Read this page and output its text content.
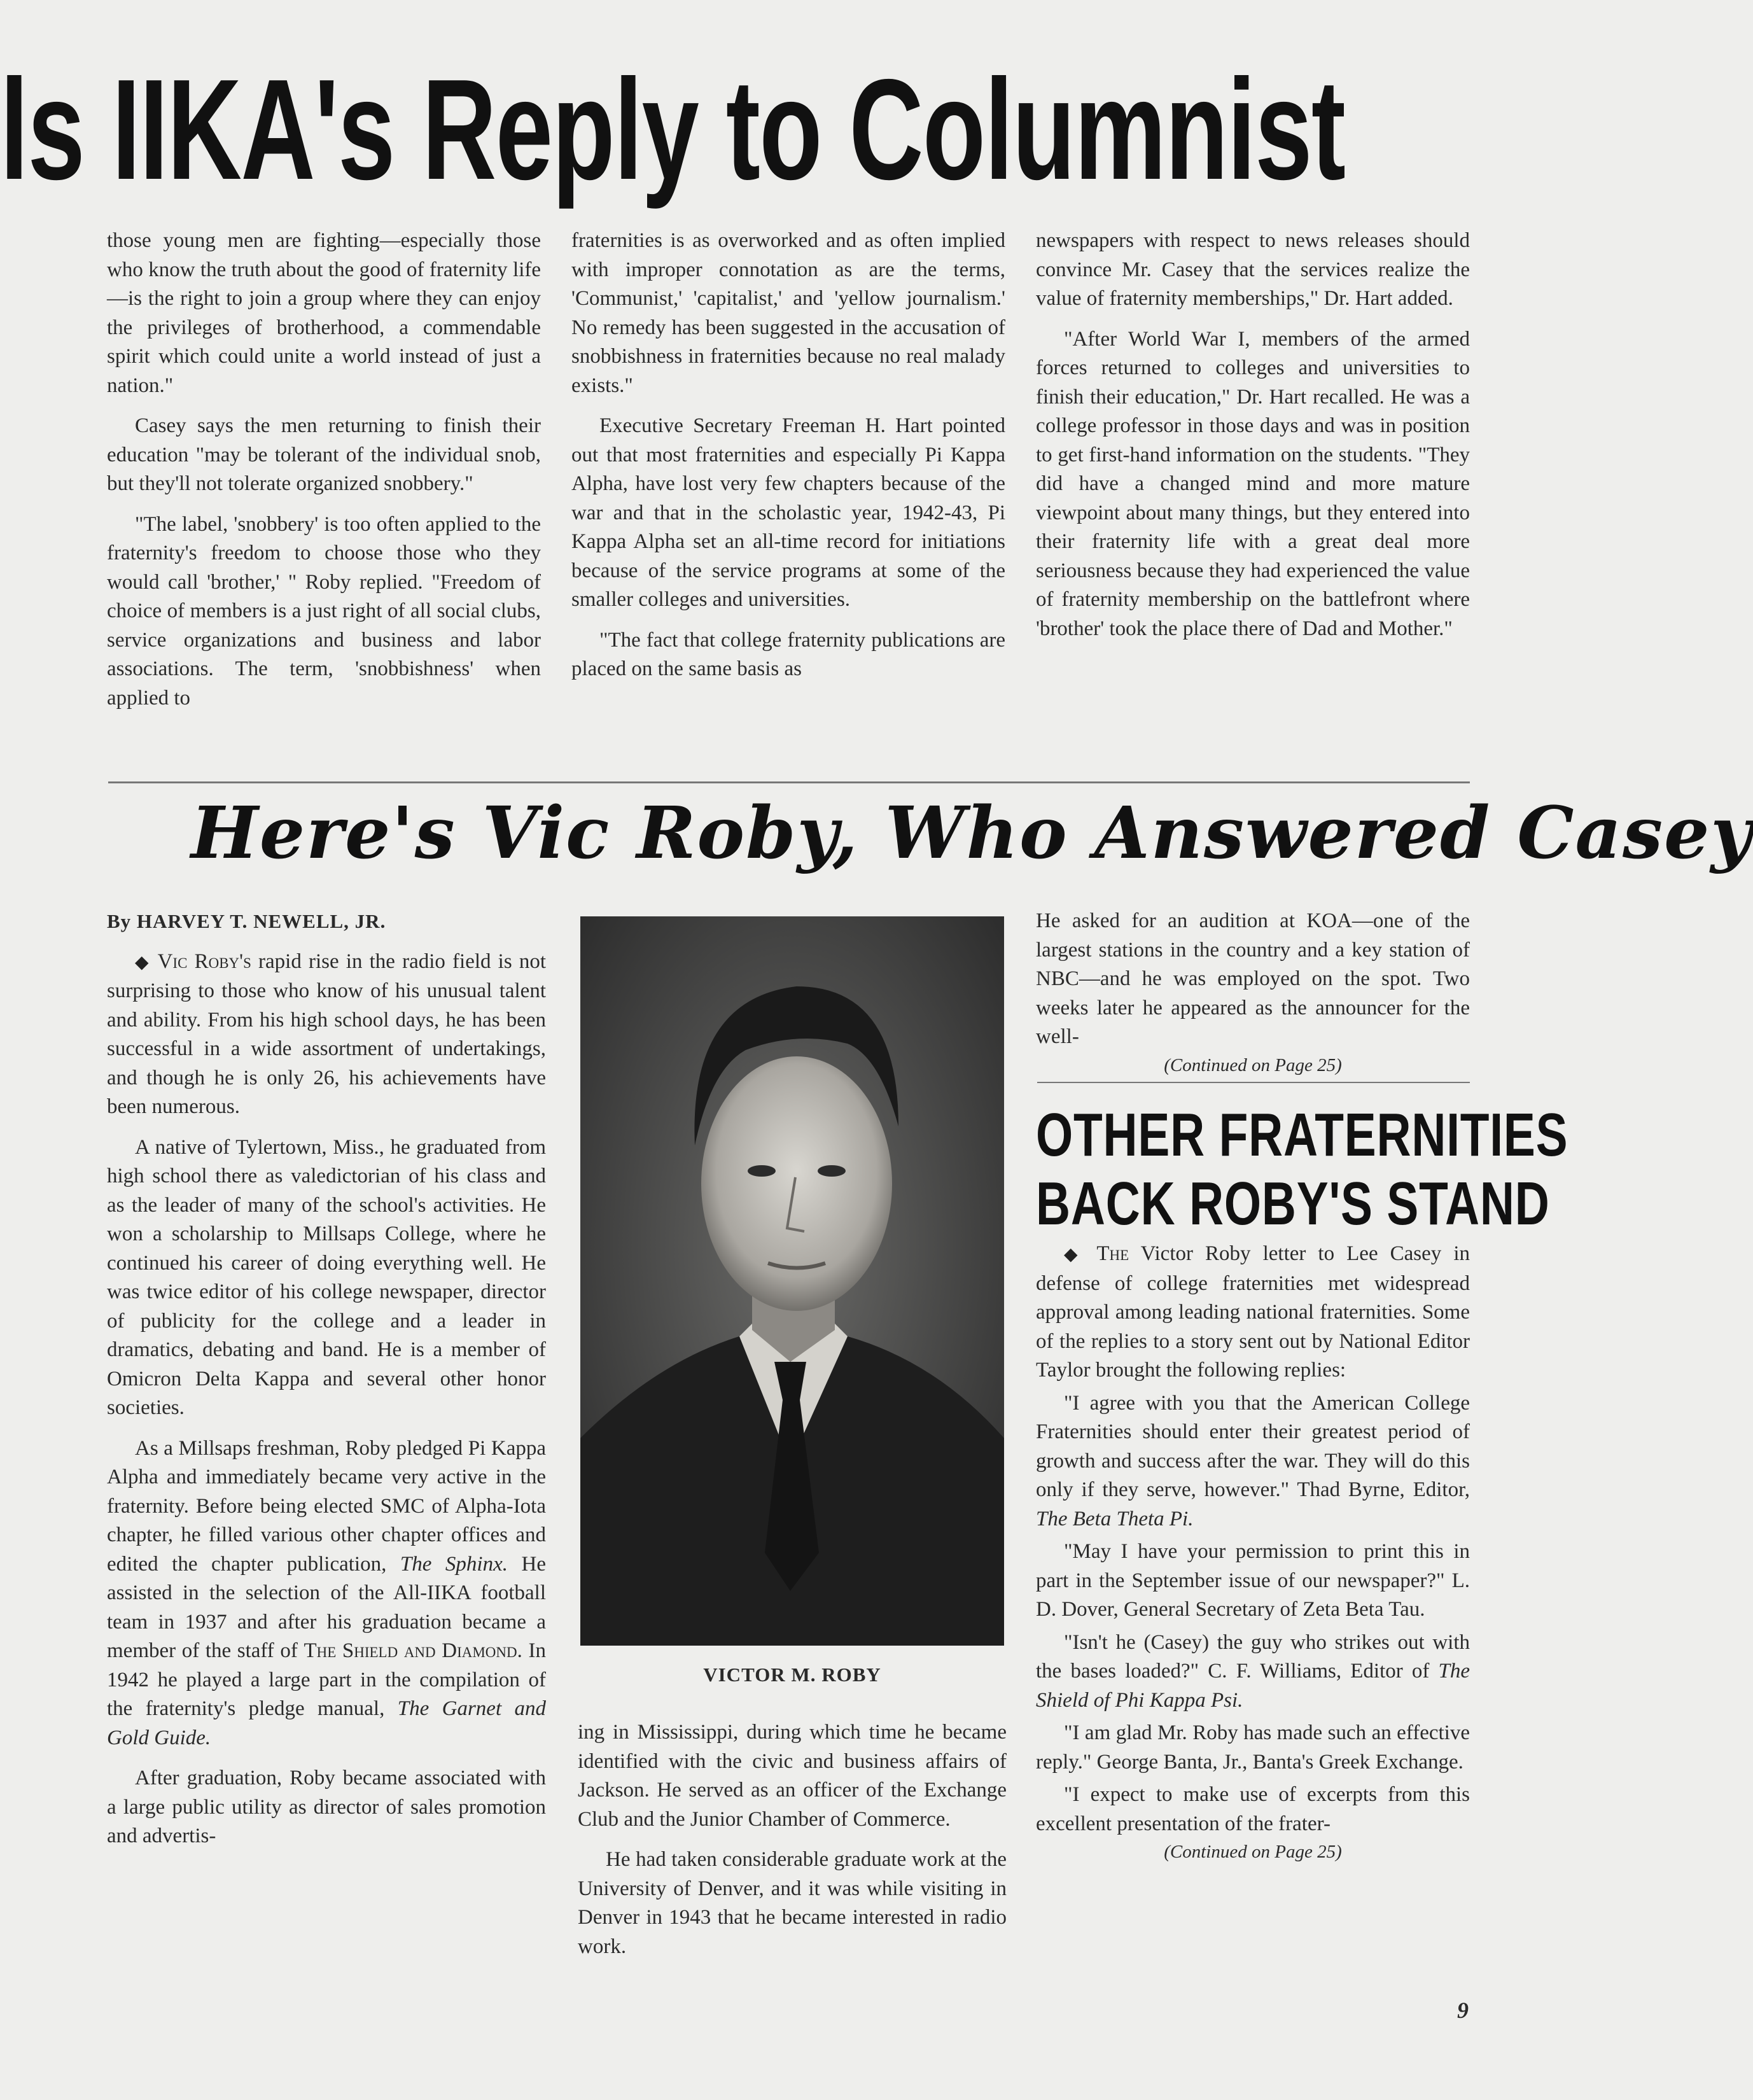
ls IIKA's Reply to Columnist

those young men are fighting—especially those who know the truth about the good of fraternity life—is the right to join a group where they can enjoy the privileges of brotherhood, a commendable spirit which could unite a world instead of just a nation."

Casey says the men returning to finish their education "may be tolerant of the individual snob, but they'll not tolerate organized snobbery."

"The label, 'snobbery' is too often applied to the fraternity's freedom to choose those who they would call 'brother,' " Roby replied. "Freedom of choice of members is a just right of all social clubs, service organizations and business and labor associations. The term, 'snobbishness' when applied to

fraternities is as overworked and as often implied with improper connotation as are the terms, 'Communist,' 'capitalist,' and 'yellow journalism.' No remedy has been suggested in the accusation of snobbishness in fraternities because no real malady exists."

Executive Secretary Freeman H. Hart pointed out that most fraternities and especially Pi Kappa Alpha, have lost very few chapters because of the war and that in the scholastic year, 1942-43, Pi Kappa Alpha set an all-time record for initiations because of the service programs at some of the smaller colleges and universities.

"The fact that college fraternity publications are placed on the same basis as

newspapers with respect to news releases should convince Mr. Casey that the services realize the value of fraternity memberships," Dr. Hart added.

"After World War I, members of the armed forces returned to colleges and universities to finish their education," Dr. Hart recalled. He was a college professor in those days and was in position to get first-hand information on the students. "They did have a changed mind and more mature viewpoint about many things, but they entered into their fraternity life with a great deal more seriousness because they had experienced the value of fraternity membership on the battlefront where 'brother' took the place there of Dad and Mother."

Here's Vic Roby, Who Answered Casey

By HARVEY T. NEWELL, JR.

◆ Vic Roby's rapid rise in the radio field is not surprising to those who know of his unusual talent and ability. From his high school days, he has been successful in a wide assortment of undertakings, and though he is only 26, his achievements have been numerous.

A native of Tylertown, Miss., he graduated from high school there as valedictorian of his class and as the leader of many of the school's activities. He won a scholarship to Millsaps College, where he continued his career of doing everything well. He was twice editor of his college newspaper, director of publicity for the college and a leader in dramatics, debating and band. He is a member of Omicron Delta Kappa and several other honor societies.

As a Millsaps freshman, Roby pledged Pi Kappa Alpha and immediately became very active in the fraternity. Before being elected SMC of Alpha-Iota chapter, he filled various other chapter offices and edited the chapter publication, The Sphinx. He assisted in the selection of the All-IIKA football team in 1937 and after his graduation became a member of the staff of The Shield and Diamond. In 1942 he played a large part in the compilation of the fraternity's pledge manual, The Garnet and Gold Guide.

After graduation, Roby became associated with a large public utility as director of sales promotion and advertis-

VICTOR M. ROBY

ing in Mississippi, during which time he became identified with the civic and business affairs of Jackson. He served as an officer of the Exchange Club and the Junior Chamber of Commerce.

He had taken considerable graduate work at the University of Denver, and it was while visiting in Denver in 1943 that he became interested in radio work.

He asked for an audition at KOA—one of the largest stations in the country and a key station of NBC—and he was employed on the spot. Two weeks later he appeared as the announcer for the well-

(Continued on Page 25)

OTHER FRATERNITIES
BACK ROBY'S STAND

◆ The Victor Roby letter to Lee Casey in defense of college fraternities met widespread approval among leading national fraternities. Some of the replies to a story sent out by National Editor Taylor brought the following replies:

"I agree with you that the American College Fraternities should enter their greatest period of growth and success after the war. They will do this only if they serve, however." Thad Byrne, Editor, The Beta Theta Pi.

"May I have your permission to print this in part in the September issue of our newspaper?" L. D. Dover, General Secretary of Zeta Beta Tau.

"Isn't he (Casey) the guy who strikes out with the bases loaded?" C. F. Williams, Editor of The Shield of Phi Kappa Psi.

"I am glad Mr. Roby has made such an effective reply." George Banta, Jr., Banta's Greek Exchange.

"I expect to make use of excerpts from this excellent presentation of the frater-

(Continued on Page 25)

9
